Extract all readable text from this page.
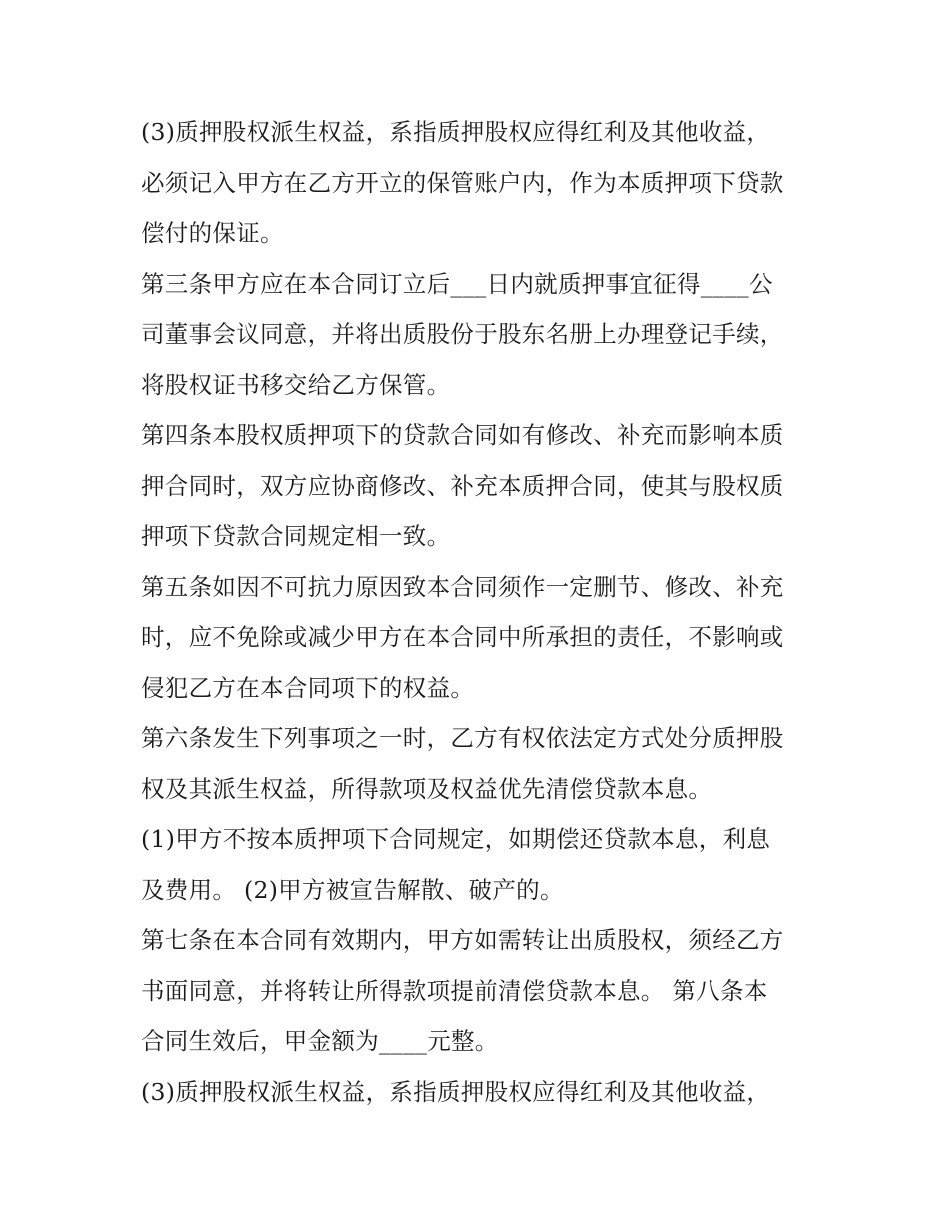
(3)质押股权派生权益，系指质押股权应得红利及其他收益，
必须记入甲方在乙方开立的保管账户内，作为本质押项下贷款
偿付的保证。
第三条甲方应在本合同订立后___日内就质押事宜征得____公
司董事会议同意，并将出质股份于股东名册上办理登记手续，
将股权证书移交给乙方保管。
第四条本股权质押项下的贷款合同如有修改、补充而影响本质
押合同时，双方应协商修改、补充本质押合同，使其与股权质
押项下贷款合同规定相一致。
第五条如因不可抗力原因致本合同须作一定删节、修改、补充
时，应不免除或减少甲方在本合同中所承担的责任，不影响或
侵犯乙方在本合同项下的权益。
第六条发生下列事项之一时，乙方有权依法定方式处分质押股
权及其派生权益，所得款项及权益优先清偿贷款本息。
(1)甲方不按本质押项下合同规定，如期偿还贷款本息，利息
及费用。 (2)甲方被宣告解散、破产的。
第七条在本合同有效期内，甲方如需转让出质股权，须经乙方
书面同意，并将转让所得款项提前清偿贷款本息。 第八条本
合同生效后，甲金额为____元整。
(3)质押股权派生权益，系指质押股权应得红利及其他收益，
